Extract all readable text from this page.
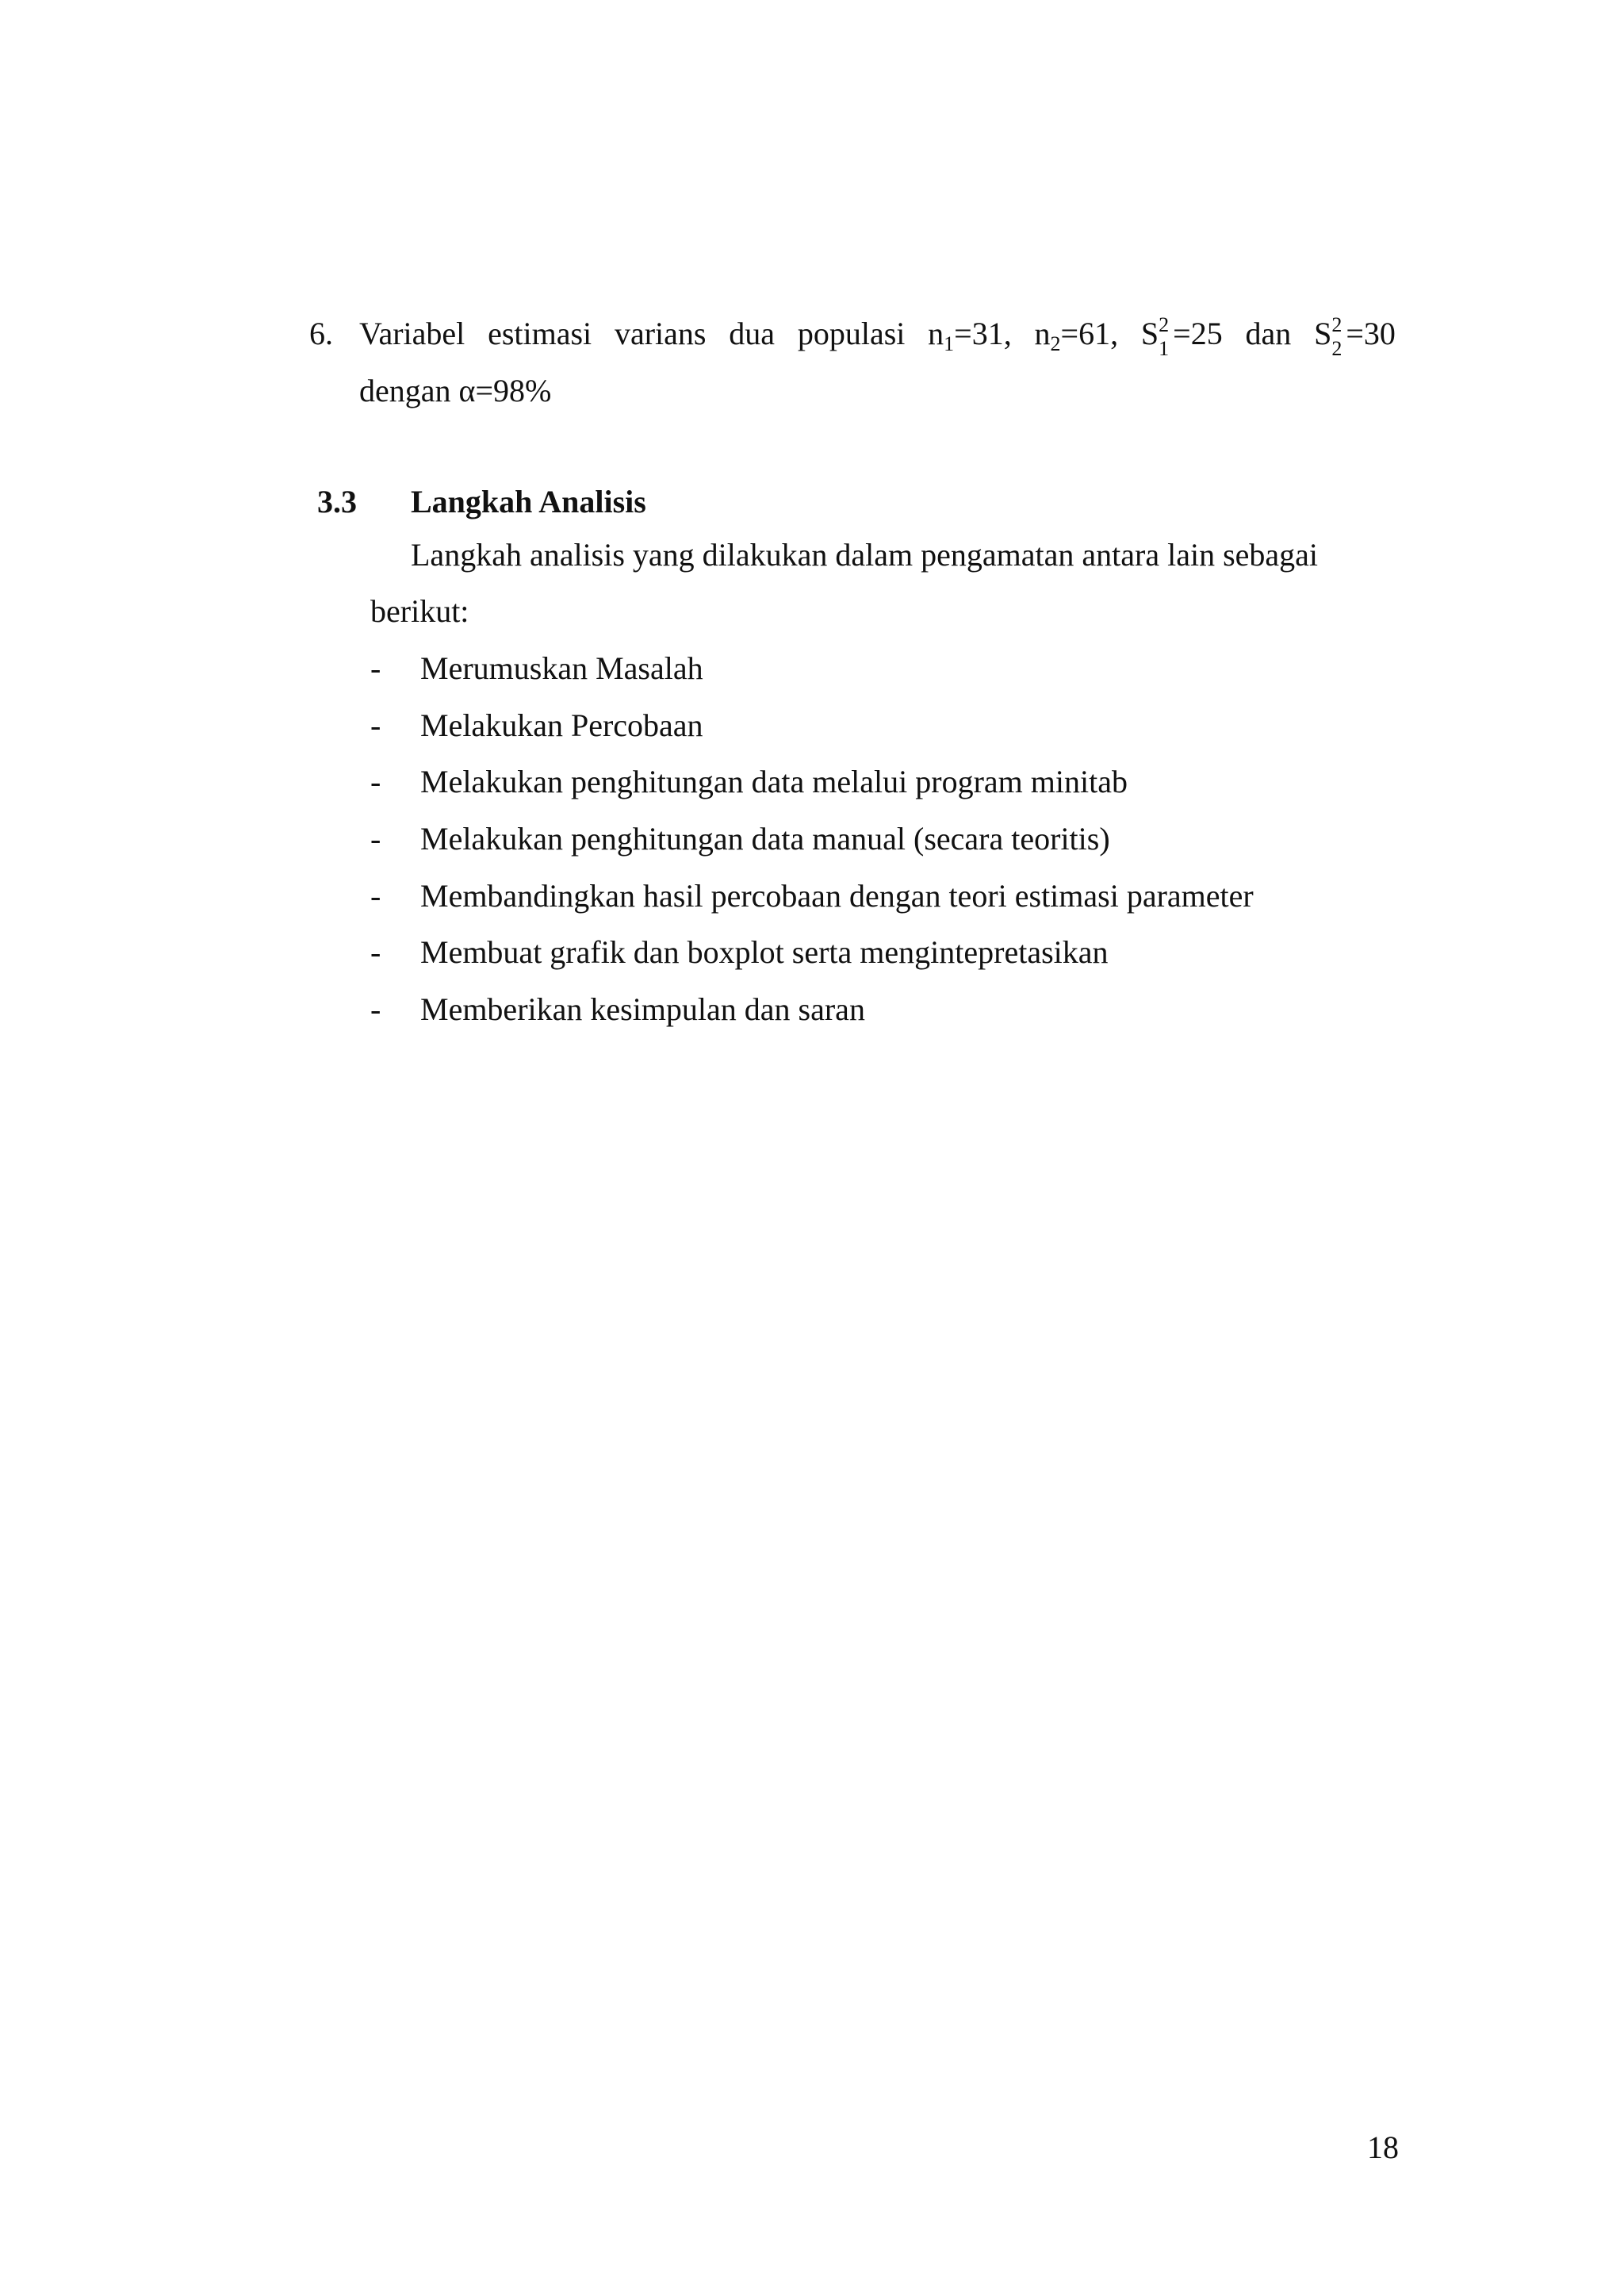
6. Variabel estimasi varians dua populasi $n_1=31$, $n_2=61$, S 2
1 =25 dan S 2
2 =30
dengan α=98%
3.3 Langkah Analisis
Langkah analisis yang dilakukan dalam pengamatan antara lain sebagai
berikut:
- Merumuskan Masalah
- Melakukan Percobaan
- Melakukan penghitungan data melalui program minitab
- Melakukan penghitungan data manual (secara teoritis)
- Membandingkan hasil percobaan dengan teori estimasi parameter
- Membuat grafik dan boxplot serta mengintepretasikan
- Memberikan kesimpulan dan saran
18
